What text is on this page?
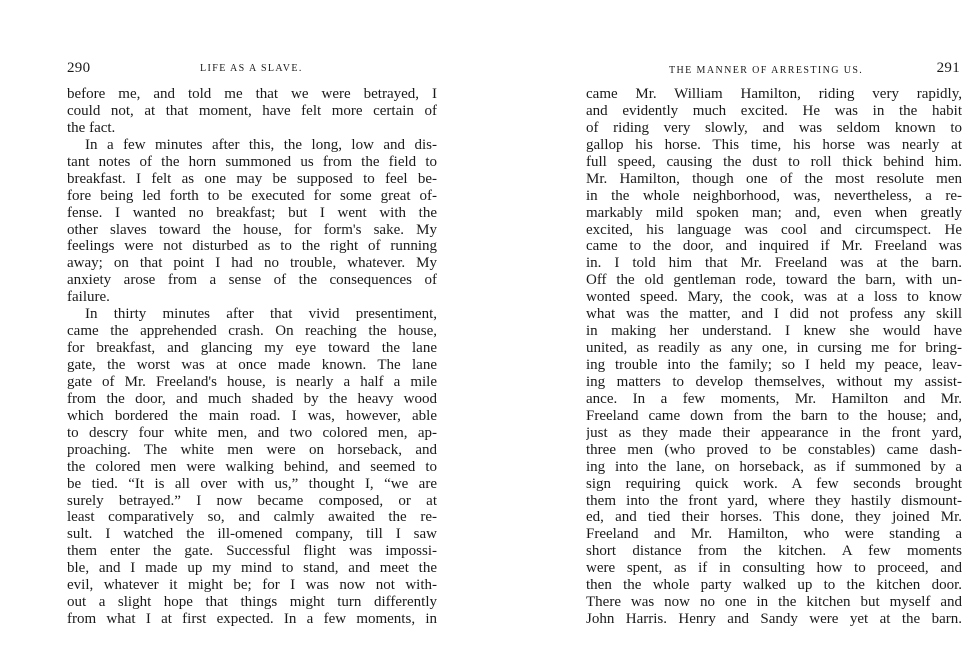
290	LIFE AS A SLAVE.
before me, and told me that we were betrayed, I
could not, at that moment, have felt more certain of
the fact.
In a few minutes after this, the long, low and dis-
tant notes of the horn summoned us from the field to
breakfast. I felt as one may be supposed to feel be-
fore being led forth to be executed for some great of-
fense. I wanted no breakfast; but I went with the
other slaves toward the house, for form's sake. My
feelings were not disturbed as to the right of running
away; on that point I had no trouble, whatever. My
anxiety arose from a sense of the consequences of
failure.
In thirty minutes after that vivid presentiment,
came the apprehended crash. On reaching the house,
for breakfast, and glancing my eye toward the lane
gate, the worst was at once made known. The lane
gate of Mr. Freeland's house, is nearly a half a mile
from the door, and much shaded by the heavy wood
which bordered the main road. I was, however, able
to descry four white men, and two colored men, ap-
proaching. The white men were on horseback, and
the colored men were walking behind, and seemed to
be tied. “It is all over with us,” thought I, “we are
surely betrayed.” I now became composed, or at
least comparatively so, and calmly awaited the re-
sult. I watched the ill-omened company, till I saw
them enter the gate. Successful flight was impossi-
ble, and I made up my mind to stand, and meet the
evil, whatever it might be; for I was now not with-
out a slight hope that things might turn differently
from what I at first expected. In a few moments, in
THE MANNER OF ARRESTING US.	291
came Mr. William Hamilton, riding very rapidly,
and evidently much excited. He was in the habit
of riding very slowly, and was seldom known to
gallop his horse. This time, his horse was nearly at
full speed, causing the dust to roll thick behind him.
Mr. Hamilton, though one of the most resolute men
in the whole neighborhood, was, nevertheless, a re-
markably mild spoken man; and, even when greatly
excited, his language was cool and circumspect. He
came to the door, and inquired if Mr. Freeland was
in. I told him that Mr. Freeland was at the barn.
Off the old gentleman rode, toward the barn, with un-
wonted speed. Mary, the cook, was at a loss to know
what was the matter, and I did not profess any skill
in making her understand. I knew she would have
united, as readily as any one, in cursing me for bring-
ing trouble into the family; so I held my peace, leav-
ing matters to develop themselves, without my assist-
ance. In a few moments, Mr. Hamilton and Mr.
Freeland came down from the barn to the house; and,
just as they made their appearance in the front yard,
three men (who proved to be constables) came dash-
ing into the lane, on horseback, as if summoned by a
sign requiring quick work. A few seconds brought
them into the front yard, where they hastily dismount-
ed, and tied their horses. This done, they joined Mr.
Freeland and Mr. Hamilton, who were standing a
short distance from the kitchen. A few moments
were spent, as if in consulting how to proceed, and
then the whole party walked up to the kitchen door.
There was now no one in the kitchen but myself and
John Harris. Henry and Sandy were yet at the barn.
